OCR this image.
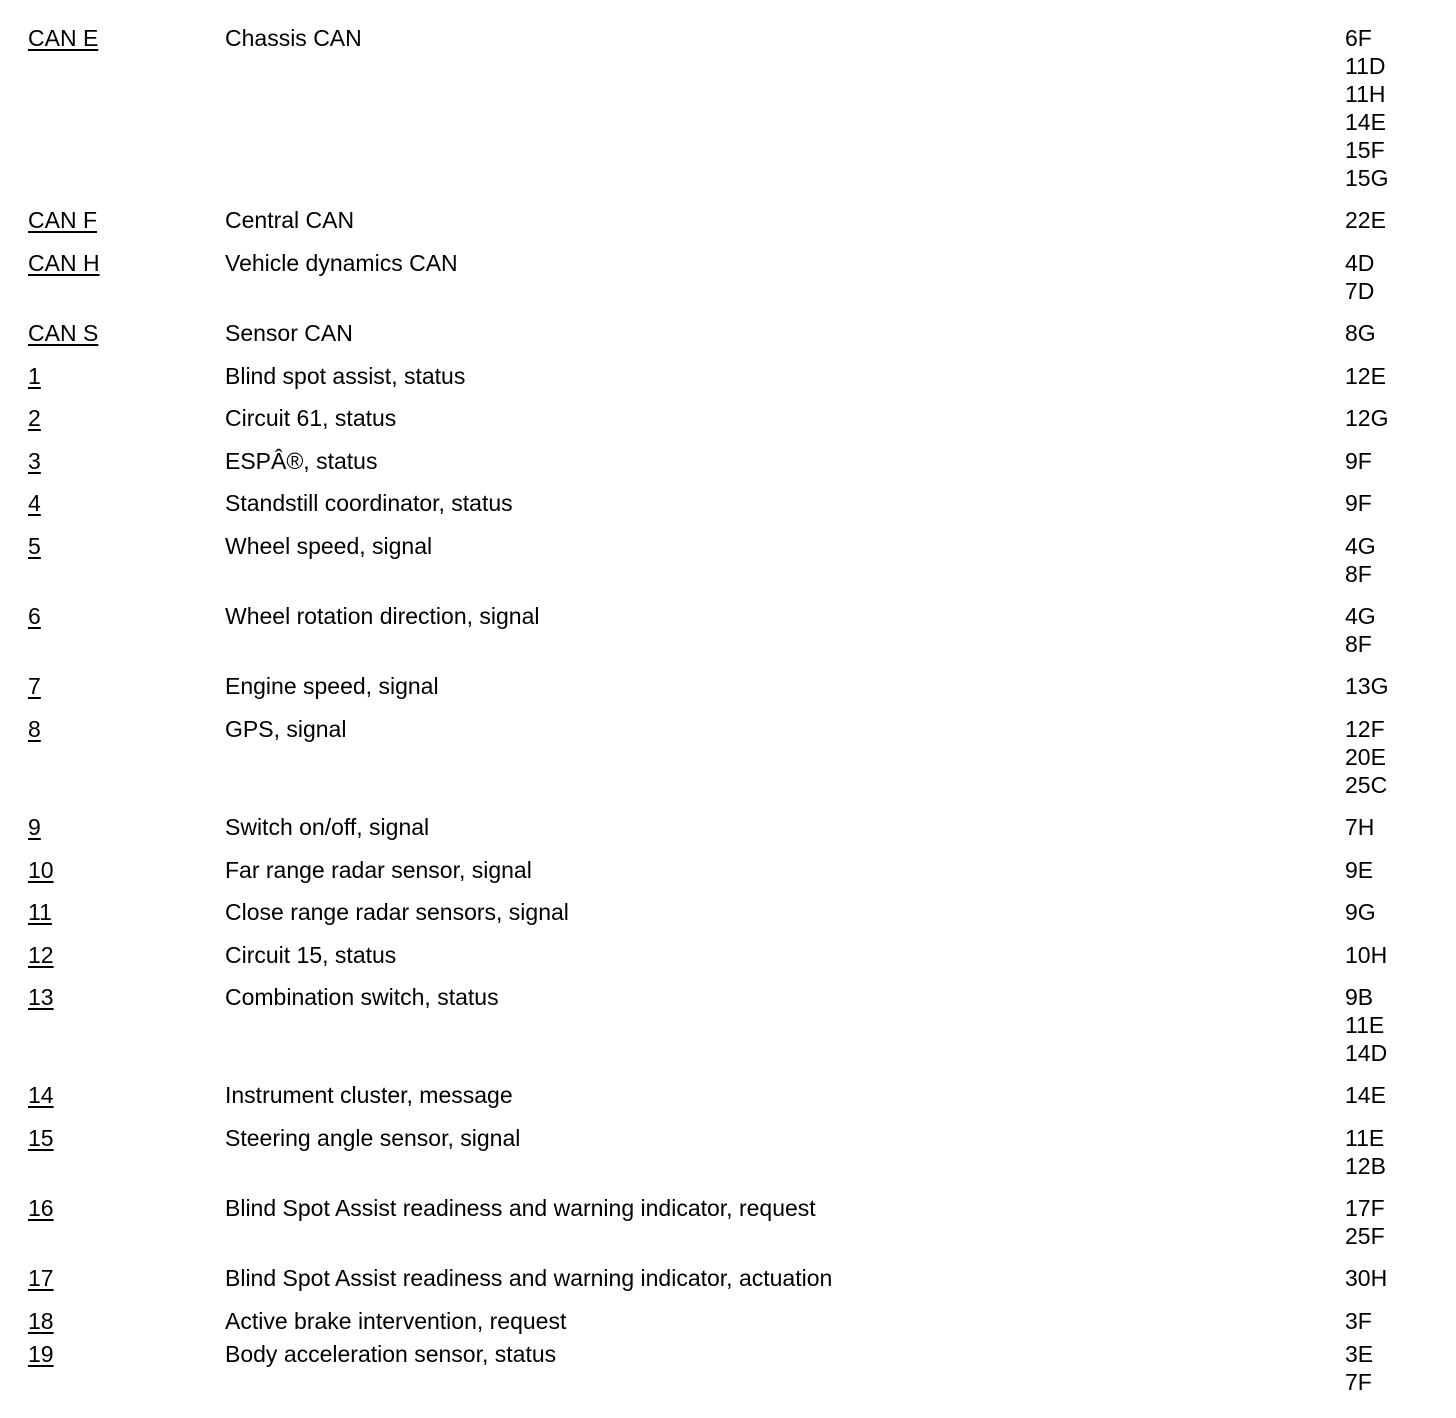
CAN E	Chassis CAN	6F
11D
11H
14E
15F
15G
CAN F	Central CAN	22E
CAN H	Vehicle dynamics CAN	4D
7D
CAN S	Sensor CAN	8G
1	Blind spot assist, status	12E
2	Circuit 61, status	12G
3	ESPÂ®, status	9F
4	Standstill coordinator, status	9F
5	Wheel speed, signal	4G
8F
6	Wheel rotation direction, signal	4G
8F
7	Engine speed, signal	13G
8	GPS, signal	12F
20E
25C
9	Switch on/off, signal	7H
10	Far range radar sensor, signal	9E
11	Close range radar sensors, signal	9G
12	Circuit 15, status	10H
13	Combination switch, status	9B
11E
14D
14	Instrument cluster, message	14E
15	Steering angle sensor, signal	11E
12B
16	Blind Spot Assist readiness and warning indicator, request	17F
25F
17	Blind Spot Assist readiness and warning indicator, actuation	30H
18	Active brake intervention, request	3F
19	Body acceleration sensor, status	3E
7F
